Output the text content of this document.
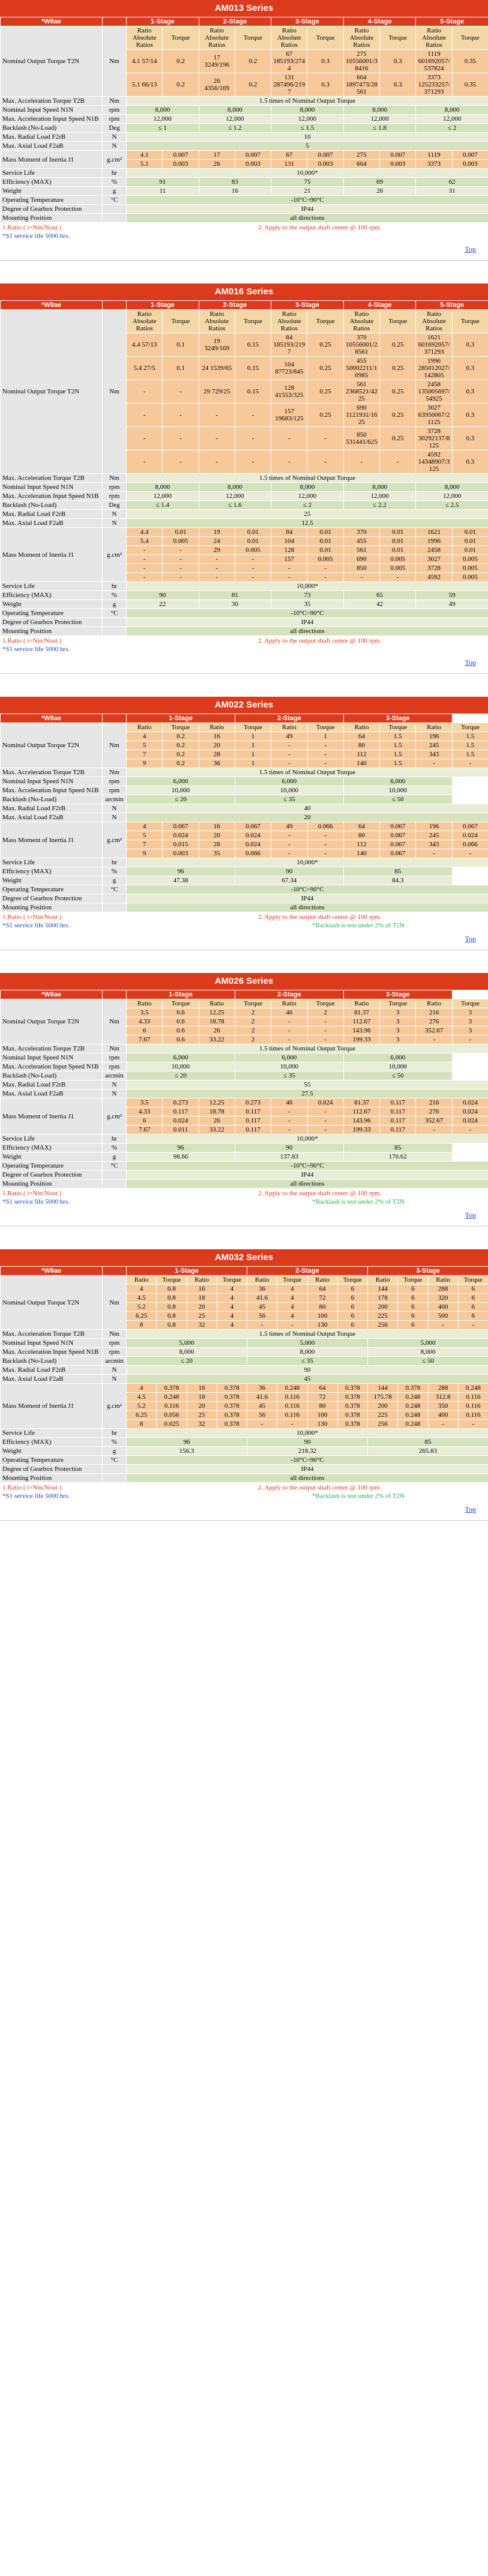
AM013 Series
*W8ae		1-Stage		2-Stage		3-Stage		4-Stage		5-Stage	
Nominal Output Torque T2N	Nm	Ratio Absolute Ratios	Torque	Ratio Absolute Ratios	Torque	Ratio Absolute Ratios	Torque	Ratio Absolute Ratios	Torque	Ratio Absolute Ratios	Torque
		4.1 57/14	0.2	17 3249/196	0.2	67 185193/2744	0.3	275 10556001/38416	0.3	1119 601692057/537824	0.35
		5.1 66/13	0.2	26 4356/169	0.2	131 287496/2197	0.3	664 1897473/28561	0.3	3373 125233257/371293	0.35
Max. Acceleration Torque T2B	Nm	1.5 times of Nominal Output Torque									
Nominal Input Speed N1N	rpm	8,000		8,000		8,000		8,000		8,000	
Max. Acceleration Input Speed N1B	rpm	12,000		12,000		12,000		12,000		12,000	
Backlash (No-Load)	Deg	≤ 1		≤ 1.2		≤ 1.5		≤ 1.8		≤ 2	
Max. Radial Load F2rB	N	10									
Max. Axial Load F2aB	N	5									
Mass Moment of Inertia J1	g.cm²	4.1	0.007	17	0.007	67	0.007	275	0.007	1119	0.007
		5.1	0.003	26	0.003	131	0.003	664	0.003	3373	0.003
Service Life	hr	10,000*									
Efficiency (MAX)	%	91		83		75		69		62	
Weight	g	11		16		21		26		31	
Operating Temperature	°C	-10°C~90°C									
Degree of Gearbox Protection		IP44									
Mounting Position		all directions									
1.Ratio ( i=Nin/Nout )	2. Apply to the output shaft center @ 100 rpm.
*S1 service life 5000 hrs.
Top
AM016 Series
*W8ae		1-Stage		2-Stage		3-Stage		4-Stage		5-Stage	
Nominal Output Torque T2N	Nm	Ratio Absolute Ratios	Torque	Ratio Absolute Ratios	Torque	Ratio Absolute Ratios	Torque	Ratio Absolute Ratios	Torque	Ratio Absolute Ratios	Torque
		4.4 57/13	0.1	19 3249/169	0.15	84 185193/2197	0.25	370 10556001/28561	0.25	1621 601692057/371293	0.3
		5.4 27/5	0.1	24 1539/65	0.15	104 87723/845	0.25	455 50002211/10985	0.25	1996 285012027/142805	0.3
		-	-	29 729/25	0.15	128 41553/325	0.25	561 2368521/4225	0.25	2458 135005697/54925	0.3
		-	-	-	-	157 19683/125	0.25	690 1121931/1625	0.25	3027 63950067/21125	0.3
		-	-	-	-	-	-	850 531441/625	0.25	3728 30292137/8125	0.3
		-	-	-	-	-	-	-	-	4592 14348907/3125	0.3
Max. Acceleration Torque T2B	Nm	1.5 times of Nominal Output Torque									
Nominal Input Speed N1N	rpm	8,000		8,000		8,000		8,000		8,000	
Max. Acceleration Input Speed N1B	rpm	12,000		12,000		12,000		12,000		12,000	
Backlash (No-Load)	Deg	≤ 1.4		≤ 1.6		≤ 2		≤ 2.2		≤ 2.5	
Max. Radial Load F2rB	N	25									
Max. Axial Load F2aB	N	12.5									
Mass Moment of Inertia J1	g.cm²	4.4	0.01	19	0.01	84	0.01	370	0.01	1621	0.01
		5.4	0.005	24	0.01	104	0.01	455	0.01	1996	0.01
		-	-	29	0.005	128	0.01	561	0.01	2458	0.01
		-	-	-	-	157	0.005	690	0.005	3027	0.005
		-	-	-	-	-	-	850	0.005	3728	0.005
		-	-	-	-	-	-	-	-	4592	0.005
Service Life	hr	10,000*									
Efficiency (MAX)	%	90		81		73		65		59	
Weight	g	22		30		35		42		49	
Operating Temperature	°C	-10°C~90°C									
Degree of Gearbox Protection		IP44									
Mounting Position		all directions									
1.Ratio ( i=Nin/Nout )	2. Apply to the output shaft center @ 100 rpm.
*S1 service life 5000 hrs.
Top
AM022 Series
*W8ae		1-Stage			2-Stage			3-Stage			
Nominal Output Torque T2N	Nm	Ratio	Torque	Ratio	Torque	Ratio	Torque	Ratio	Torque	Ratio	Torque
		4	0.2	16	1	49	1	64	1.5	196	1.5
		5	0.2	20	1	-	-	80	1.5	245	1.5
		7	0.2	28	1	-	-	112	1.5	343	1.5
		9	0.2	36	1	-	-	140	1.5	-	-
Max. Acceleration Torque T2B	Nm	1.5 times of Nominal Output Torque									
Nominal Input Speed N1N	rpm	6,000			6,000			6,000			
Max. Acceleration Input Speed N1B	rpm	10,000			10,000			10,000			
Backlash (No-Load)	arcmin	≤ 20			≤ 35			≤ 50			
Max. Radial Load F2rB	N	40									
Max. Axial Load F2aB	N	20									
Mass Moment of Inertia J1	g.cm²	4	0.067	16	0.067	49	0.066	64	0.067	196	0.067
		5	0.024	20	0.024	-	-	80	0.067	245	0.024
		7	0.015	28	0.024	-	-	112	0.067	343	0.066
		9	0.003	35	0.066	-	-	140	0.067	-	-
Service Life	hr	10,000*									
Efficiency (MAX)	%	96			90			85			
Weight	g	47.38			67.34			84.3			
Operating Temperature	°C	-10°C~90°C									
Degree of Gearbox Protection		IP44									
Mounting Position		all directions									
1.Ratio ( i=Nin/Nout )	2. Apply to the output shaft center @ 100 rpm.
*S1 service life 5000 hrs.	*Backlash is test under 2% of T2N
Top
AM026 Series
*W8ae		1-Stage			2-Stage			3-Stage			
Nominal Output Torque T2N	Nm	Ratio	Torque	Ratio	Torque	Ratio	Torque	Ratio	Torque	Ratio	Torque
		3.5	0.6	12.25	2	46	2	81.37	3	216	3
		4.33	0.6	18.78	2	-	-	112.67	3	276	3
		6	0.6	26	2	-	-	143.96	3	352.67	3
		7.67	0.6	33.22	2	-	-	199.33	3	-	-
Max. Acceleration Torque T2B	Nm	1.5 times of Nominal Output Torque									
Nominal Input Speed N1N	rpm	6,000			6,000			6,000			
Max. Acceleration Input Speed N1B	rpm	10,000			10,000			10,000			
Backlash (No-Load)	arcmin	≤ 20			≤ 35			≤ 50			
Max. Radial Load F2rB	N	55									
Max. Axial Load F2aB	N	27.5									
Mass Moment of Inertia J1	g.cm²	3.5	0.273	12.25	0.273	46	0.024	81.37	0.117	216	0.024
		4.33	0.117	18.78	0.117	-	-	112.67	0.117	276	0.024
		6	0.024	26	0.117	-	-	143.96	0.117	352.67	0.024
		7.67	0.011	33.22	0.117	-	-	199.33	0.117	-	-
Service Life	hr	10,000*									
Efficiency (MAX)	%	96			90			85			
Weight	g	98.66			137.83			170.62			
Operating Temperature	°C	-10°C~90°C									
Degree of Gearbox Protection		IP44									
Mounting Position		all directions									
1.Ratio ( i=Nin/Nout )	2. Apply to the output shaft center @ 100 rpm.
*S1 service life 5000 hrs.	*Backlash is test under 2% of T2N
Top
AM032 Series
*W8ae		1-Stage				2-Stage				3-Stage			
Nominal Output Torque T2N	Nm	Ratio	Torque	Ratio	Torque	Ratio	Torque	Ratio	Torque	Ratio	Torque	Ratio	Torque
		4	0.8	16	4	36	4	64	6	144	6	288	6
		4.5	0.8	18	4	41.6	4	72	6	178	6	320	6
		5.2	0.8	20	4	45	4	80	6	200	6	400	6
		6.25	0.8	25	4	56	4	100	6	225	6	500	6
		8	0.8	32	4	-	-	130	6	256	6	-	-
Max. Acceleration Torque T2B	Nm	1.5 times of Nominal Output Torque											
Nominal Input Speed N1N	rpm	5,000				5,000				5,000			
Max. Acceleration Input Speed N1B	rpm	8,000				8,000				8,000			
Backlash (No-Load)	arcmin	≤ 20				≤ 35				≤ 50			
Max. Radial Load F2rB	N	90											
Max. Axial Load F2aB	N	45											
Mass Moment of Inertia J1	g.cm²	4	0.378	16	0.378	36	0.248	64	0.378	144	0.378	288	0.248
		4.5	0.248	18	0.378	41.6	0.116	72	0.378	175.78	0.248	312.8	0.116
		5.2	0.116	20	0.378	45	0.116	80	0.378	200	0.248	350	0.116
		6.25	0.056	25	0.378	56	0.116	100	0.378	225	0.248	400	0.116
		8	0.025	32	0.378	-	-	130	0.378	256	0.248	-	-
Service Life	hr	10,000*											
Efficiency (MAX)	%	96				90				85			
Weight	g	156.3				218.32				265.83			
Operating Temperature	°C	-10°C~90°C											
Degree of Gearbox Protection		IP44											
Mounting Position		all directions											
1.Ratio ( i=Nin/Nout )	2. Apply to the output shaft center @ 100 rpm.
*S1 service life 5000 hrs.	*Backlash is test under 2% of T2N
Top
